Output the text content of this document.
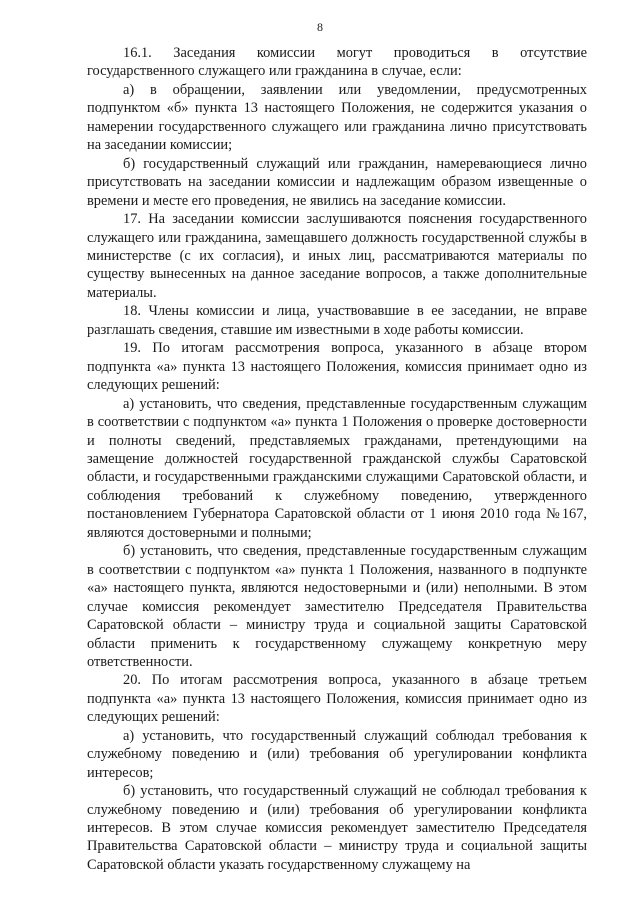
8

16.1. Заседания комиссии могут проводиться в отсутствие государственного служащего или гражданина в случае, если:

а) в обращении, заявлении или уведомлении, предусмотренных подпунктом «б» пункта 13 настоящего Положения, не содержится указания о намерении государственного служащего или гражданина лично присутствовать на заседании комиссии;

б) государственный служащий или гражданин, намеревающиеся лично присутствовать на заседании комиссии и надлежащим образом извещенные о времени и месте его проведения, не явились на заседание комиссии.

17. На заседании комиссии заслушиваются пояснения государственного служащего или гражданина, замещавшего должность государственной службы в министерстве (с их согласия), и иных лиц, рассматриваются материалы по существу вынесенных на данное заседание вопросов, а также дополнительные материалы.

18. Члены комиссии и лица, участвовавшие в ее заседании, не вправе разглашать сведения, ставшие им известными в ходе работы комиссии.

19. По итогам рассмотрения вопроса, указанного в абзаце втором подпункта «а» пункта 13 настоящего Положения, комиссия принимает одно из следующих решений:

а) установить, что сведения, представленные государственным служащим в соответствии с подпунктом «а» пункта 1 Положения о проверке достоверности и полноты сведений, представляемых гражданами, претендующими на замещение должностей государственной гражданской службы Саратовской области, и государственными гражданскими служащими Саратовской области, и соблюдения требований к служебному поведению, утвержденного постановлением Губернатора Саратовской области от 1 июня 2010 года №167, являются достоверными и полными;

б) установить, что сведения, представленные государственным служащим в соответствии с подпунктом «а» пункта 1 Положения, названного в подпункте «а» настоящего пункта, являются недостоверными и (или) неполными. В этом случае комиссия рекомендует заместителю Председателя Правительства Саратовской области – министру труда и социальной защиты Саратовской области применить к государственному служащему конкретную меру ответственности.

20. По итогам рассмотрения вопроса, указанного в абзаце третьем подпункта «а» пункта 13 настоящего Положения, комиссия принимает одно из следующих решений:

а) установить, что государственный служащий соблюдал требования к служебному поведению и (или) требования об урегулировании конфликта интересов;

б) установить, что государственный служащий не соблюдал требования к служебному поведению и (или) требования об урегулировании конфликта интересов. В этом случае комиссия рекомендует заместителю Председателя Правительства Саратовской области – министру труда и социальной защиты Саратовской области указать государственному служащему на
